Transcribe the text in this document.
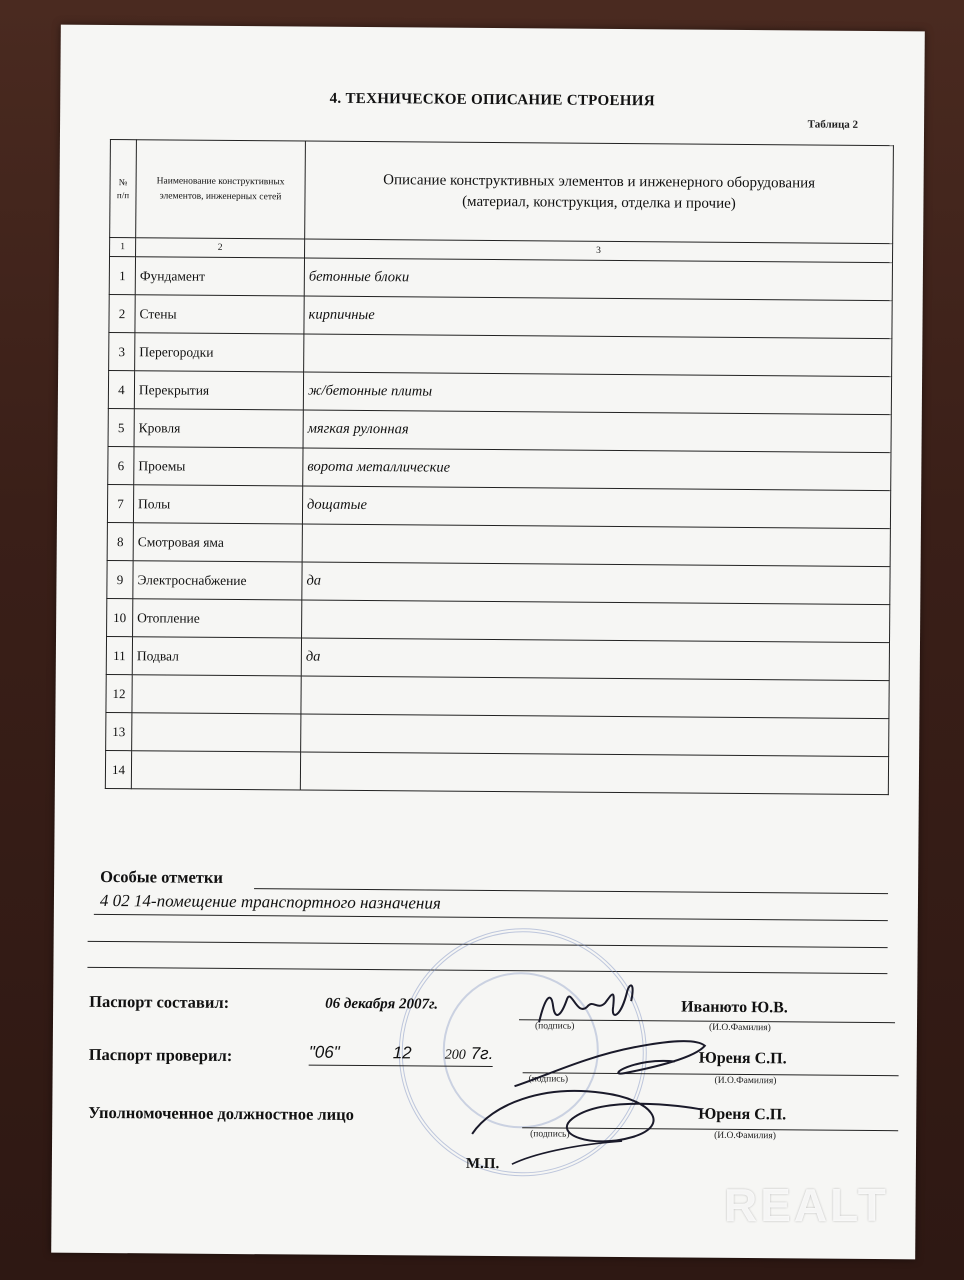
4. ТЕХНИЧЕСКОЕ ОПИСАНИЕ СТРОЕНИЯ
Таблица 2
№ п/п	Наименование конструктивных элементов, инженерных сетей	Описание конструктивных элементов и инженерного оборудования
(материал, конструкция, отделка и прочие)

1	2	3
1	Фундамент	бетонные блоки
2	Стены	кирпичные
3	Перегородки	
4	Перекрытия	ж/бетонные плиты
5	Кровля	мягкая рулонная
6	Проемы	ворота металлические
7	Полы	дощатые
8	Смотровая яма	
9	Электроснабжение	да
10	Отопление	
11	Подвал	да
12		
13		
14		
Особые отметки
4 02 14-помещение транспортного назначения
Паспорт составил:	06 декабря 2007г.	Иванюто Ю.В.
(подпись)	(И.О.Фамилия)
Паспорт проверил:	"06"	12 200 7г.	Юреня С.П.
(подпись)	(И.О.Фамилия)
Уполномоченное должностное лицо	Юреня С.П.
(подпись)	(И.О.Фамилия)
М.П.
REALT
